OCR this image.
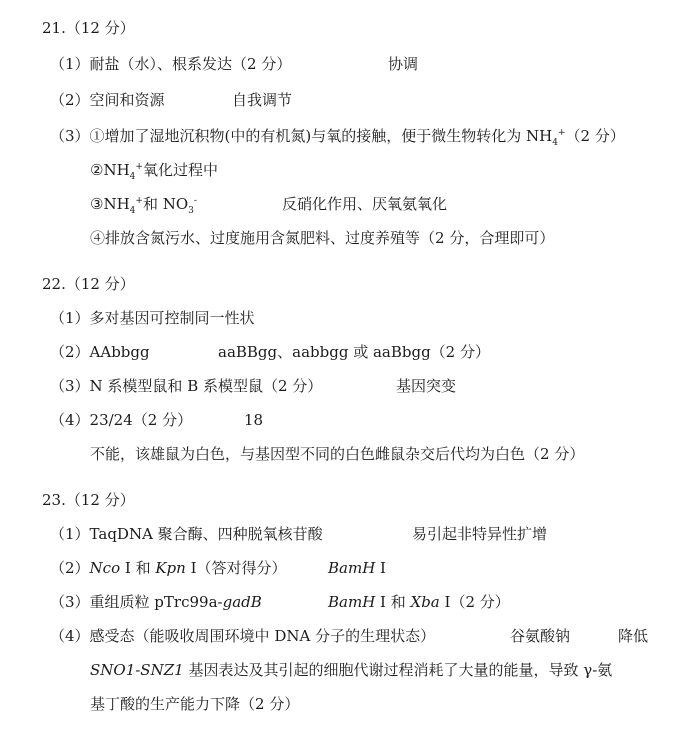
21.（12 分）
（1）耐盐（水）、根系发达（2 分）	协调
（2）空间和资源	自我调节
（3）①增加了湿地沉积物(中的有机氮)与氧的接触，便于微生物转化为 $NH_4^+(2$ 分）
$②NH_4^+$氧化过程中
$③NH_4^+$和 $NO_3^-$	反硝化作用、厌氧氨氧化
④排放含氮污水、过度施用含氮肥料、过度养殖等（2 分，合理即可）
22.（12 分）
（1）多对基因可控制同一性状
（2）AAbbgg	aaBBgg、aabbgg 或 aaBbgg（2 分）
（3）N 系模型鼠和 B 系模型鼠（2 分）	基因突变
（4）23/24（2 分）	18
不能，该雄鼠为白色，与基因型不同的白色雌鼠杂交后代均为白色（2 分）
23.（12 分）
（1）TaqDNA 聚合酶、四种脱氧核苷酸	易引起非特异性扩增
（2）Nco I 和 Kpn I（答对得分）	BamH I
（3）重组质粒 pTrc99a-gadB	BamH I 和 Xba I（2 分）
（4）感受态（能吸收周围环境中 DNA 分子的生理状态）	谷氨酸钠	降低
SNO1-SNZ1 基因表达及其引起的细胞代谢过程消耗了大量的能量，导致 γ-氨
基丁酸的生产能力下降（2 分）
